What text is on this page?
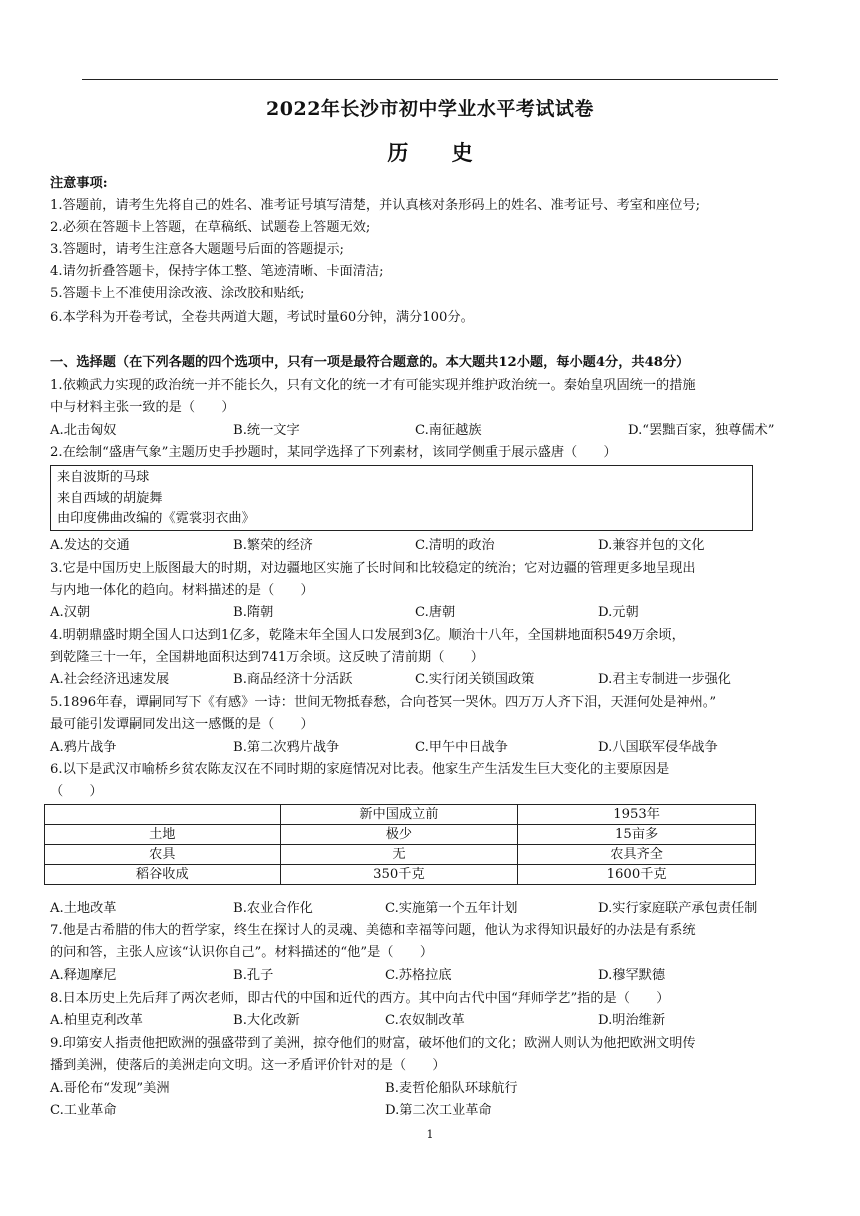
2022年长沙市初中学业水平考试试卷
历 史
注意事项:
1.答题前，请考生先将自己的姓名、准考证号填写清楚，并认真核对条形码上的姓名、准考证号、考室和座位号;
2.必须在答题卡上答题，在草稿纸、试题卷上答题无效;
3.答题时，请考生注意各大题题号后面的答题提示;
4.请勿折叠答题卡，保持字体工整、笔迹清晰、卡面清洁;
5.答题卡上不准使用涂改液、涂改胶和贴纸;
6.本学科为开卷考试，全卷共两道大题，考试时量60分钟，满分100分。
一、选择题（在下列各题的四个选项中，只有一项是最符合题意的。本大题共12小题，每小题4分，共48分）
1.依赖武力实现的政治统一并不能长久，只有文化的统一才有可能实现并维护政治统一。秦始皇巩固统一的措施
中与材料主张一致的是（　　）
A.北击匈奴	B.统一文字	C.南征越族	D.“罢黜百家，独尊儒术”
2.在绘制“盛唐气象”主题历史手抄题时，某同学选择了下列素材，该同学侧重于展示盛唐（　　）
来自波斯的马球
来自西域的胡旋舞
由印度佛曲改编的《霓裳羽衣曲》
A.发达的交通	B.繁荣的经济	C.清明的政治	D.兼容并包的文化
3.它是中国历史上版图最大的时期，对边疆地区实施了长时间和比较稳定的统治；它对边疆的管理更多地呈现出
与内地一体化的趋向。材料描述的是（　　）
A.汉朝	B.隋朝	C.唐朝	D.元朝
4.明朝鼎盛时期全国人口达到1亿多，乾隆末年全国人口发展到3亿。顺治十八年，全国耕地面积549万余顷，
到乾隆三十一年，全国耕地面积达到741万余顷。这反映了清前期（　　）
A.社会经济迅速发展	B.商品经济十分活跃	C.实行闭关锁国政策	D.君主专制进一步强化
5.1896年春，谭嗣同写下《有感》一诗：世间无物抵春愁，合向苍冥一哭休。四万万人齐下泪，天涯何处是神州。”
最可能引发谭嗣同发出这一感慨的是（　　）
A.鸦片战争	B.第二次鸦片战争	C.甲午中日战争	D.八国联军侵华战争
6.以下是武汉市喻桥乡贫农陈友汉在不同时期的家庭情况对比表。他家生产生活发生巨大变化的主要原因是
（　　）
	新中国成立前	1953年
土地	极少	15亩多
农具	无	农具齐全
稻谷收成	350千克	1600千克
A.土地改革	B.农业合作化	C.实施第一个五年计划	D.实行家庭联产承包责任制
7.他是古希腊的伟大的哲学家，终生在探讨人的灵魂、美德和幸福等问题，他认为求得知识最好的办法是有系统
的问和答，主张人应该“认识你自己”。材料描述的“他”是（　　）
A.释迦摩尼	B.孔子	C.苏格拉底	D.穆罕默德
8.日本历史上先后拜了两次老师，即古代的中国和近代的西方。其中向古代中国“拜师学艺”指的是（　　）
A.柏里克利改革	B.大化改新	C.农奴制改革	D.明治维新
9.印第安人指责他把欧洲的强盛带到了美洲，掠夺他们的财富，破坏他们的文化；欧洲人则认为他把欧洲文明传
播到美洲，使落后的美洲走向文明。这一矛盾评价针对的是（　　）
A.哥伦布“发现”美洲	B.麦哲伦船队环球航行
C.工业革命	D.第二次工业革命
1
